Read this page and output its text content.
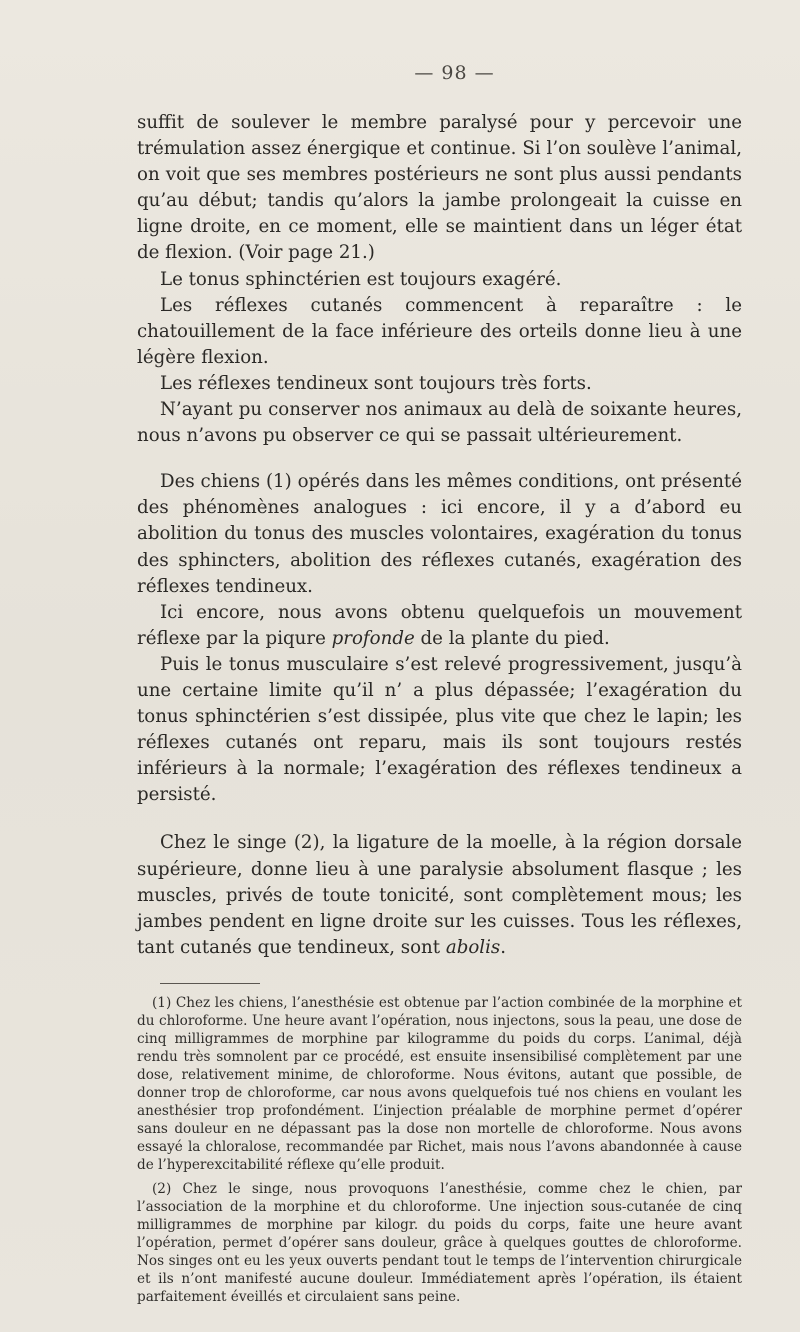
— 98 —

suffit de soulever le membre paralysé pour y percevoir une trémulation assez énergique et continue. Si l’on soulève l’animal, on voit que ses membres postérieurs ne sont plus aussi pendants qu’au début; tandis qu’alors la jambe prolongeait la cuisse en ligne droite, en ce moment, elle se maintient dans un léger état de flexion. (Voir page 21.)

Le tonus sphinctérien est toujours exagéré.

Les réflexes cutanés commencent à reparaître : le chatouillement de la face inférieure des orteils donne lieu à une légère flexion.

Les réflexes tendineux sont toujours très forts.

N’ayant pu conserver nos animaux au delà de soixante heures, nous n’avons pu observer ce qui se passait ultérieurement.

Des chiens (1) opérés dans les mêmes conditions, ont présenté des phénomènes analogues : ici encore, il y a d’abord eu abolition du tonus des muscles volontaires, exagération du tonus des sphincters, abolition des réflexes cutanés, exagération des réflexes tendineux.

Ici encore, nous avons obtenu quelquefois un mouvement réflexe par la piqure profonde de la plante du pied.

Puis le tonus musculaire s’est relevé progressivement, jusqu’à une certaine limite qu’il n’ a plus dépassée; l’exagération du tonus sphinctérien s’est dissipée, plus vite que chez le lapin; les réflexes cutanés ont reparu, mais ils sont toujours restés inférieurs à la normale; l’exagération des réflexes tendineux a persisté.

Chez le singe (2), la ligature de la moelle, à la région dorsale supérieure, donne lieu à une paralysie absolument flasque ; les muscles, privés de toute tonicité, sont complètement mous; les jambes pendent en ligne droite sur les cuisses. Tous les réflexes, tant cutanés que tendineux, sont abolis.

(1) Chez les chiens, l’anesthésie est obtenue par l’action combinée de la morphine et du chloroforme. Une heure avant l’opération, nous injectons, sous la peau, une dose de cinq milligrammes de morphine par kilogramme du poids du corps. L’animal, déjà rendu très somnolent par ce procédé, est ensuite insensibilisé complètement par une dose, relativement minime, de chloroforme. Nous évitons, autant que possible, de donner trop de chloroforme, car nous avons quelquefois tué nos chiens en voulant les anesthésier trop profondément. L’injection préalable de morphine permet d’opérer sans douleur en ne dépassant pas la dose non mortelle de chloroforme. Nous avons essayé la chloralose, recommandée par Richet, mais nous l’avons abandonnée à cause de l’hyperexcitabilité réflexe qu’elle produit.

(2) Chez le singe, nous provoquons l’anesthésie, comme chez le chien, par l’association de la morphine et du chloroforme. Une injection sous-cutanée de cinq milligrammes de morphine par kilogr. du poids du corps, faite une heure avant l’opération, permet d’opérer sans douleur, grâce à quelques gouttes de chloroforme. Nos singes ont eu les yeux ouverts pendant tout le temps de l’intervention chirurgicale et ils n’ont manifesté aucune douleur. Immédiatement après l’opération, ils étaient parfaitement éveillés et circulaient sans peine.
